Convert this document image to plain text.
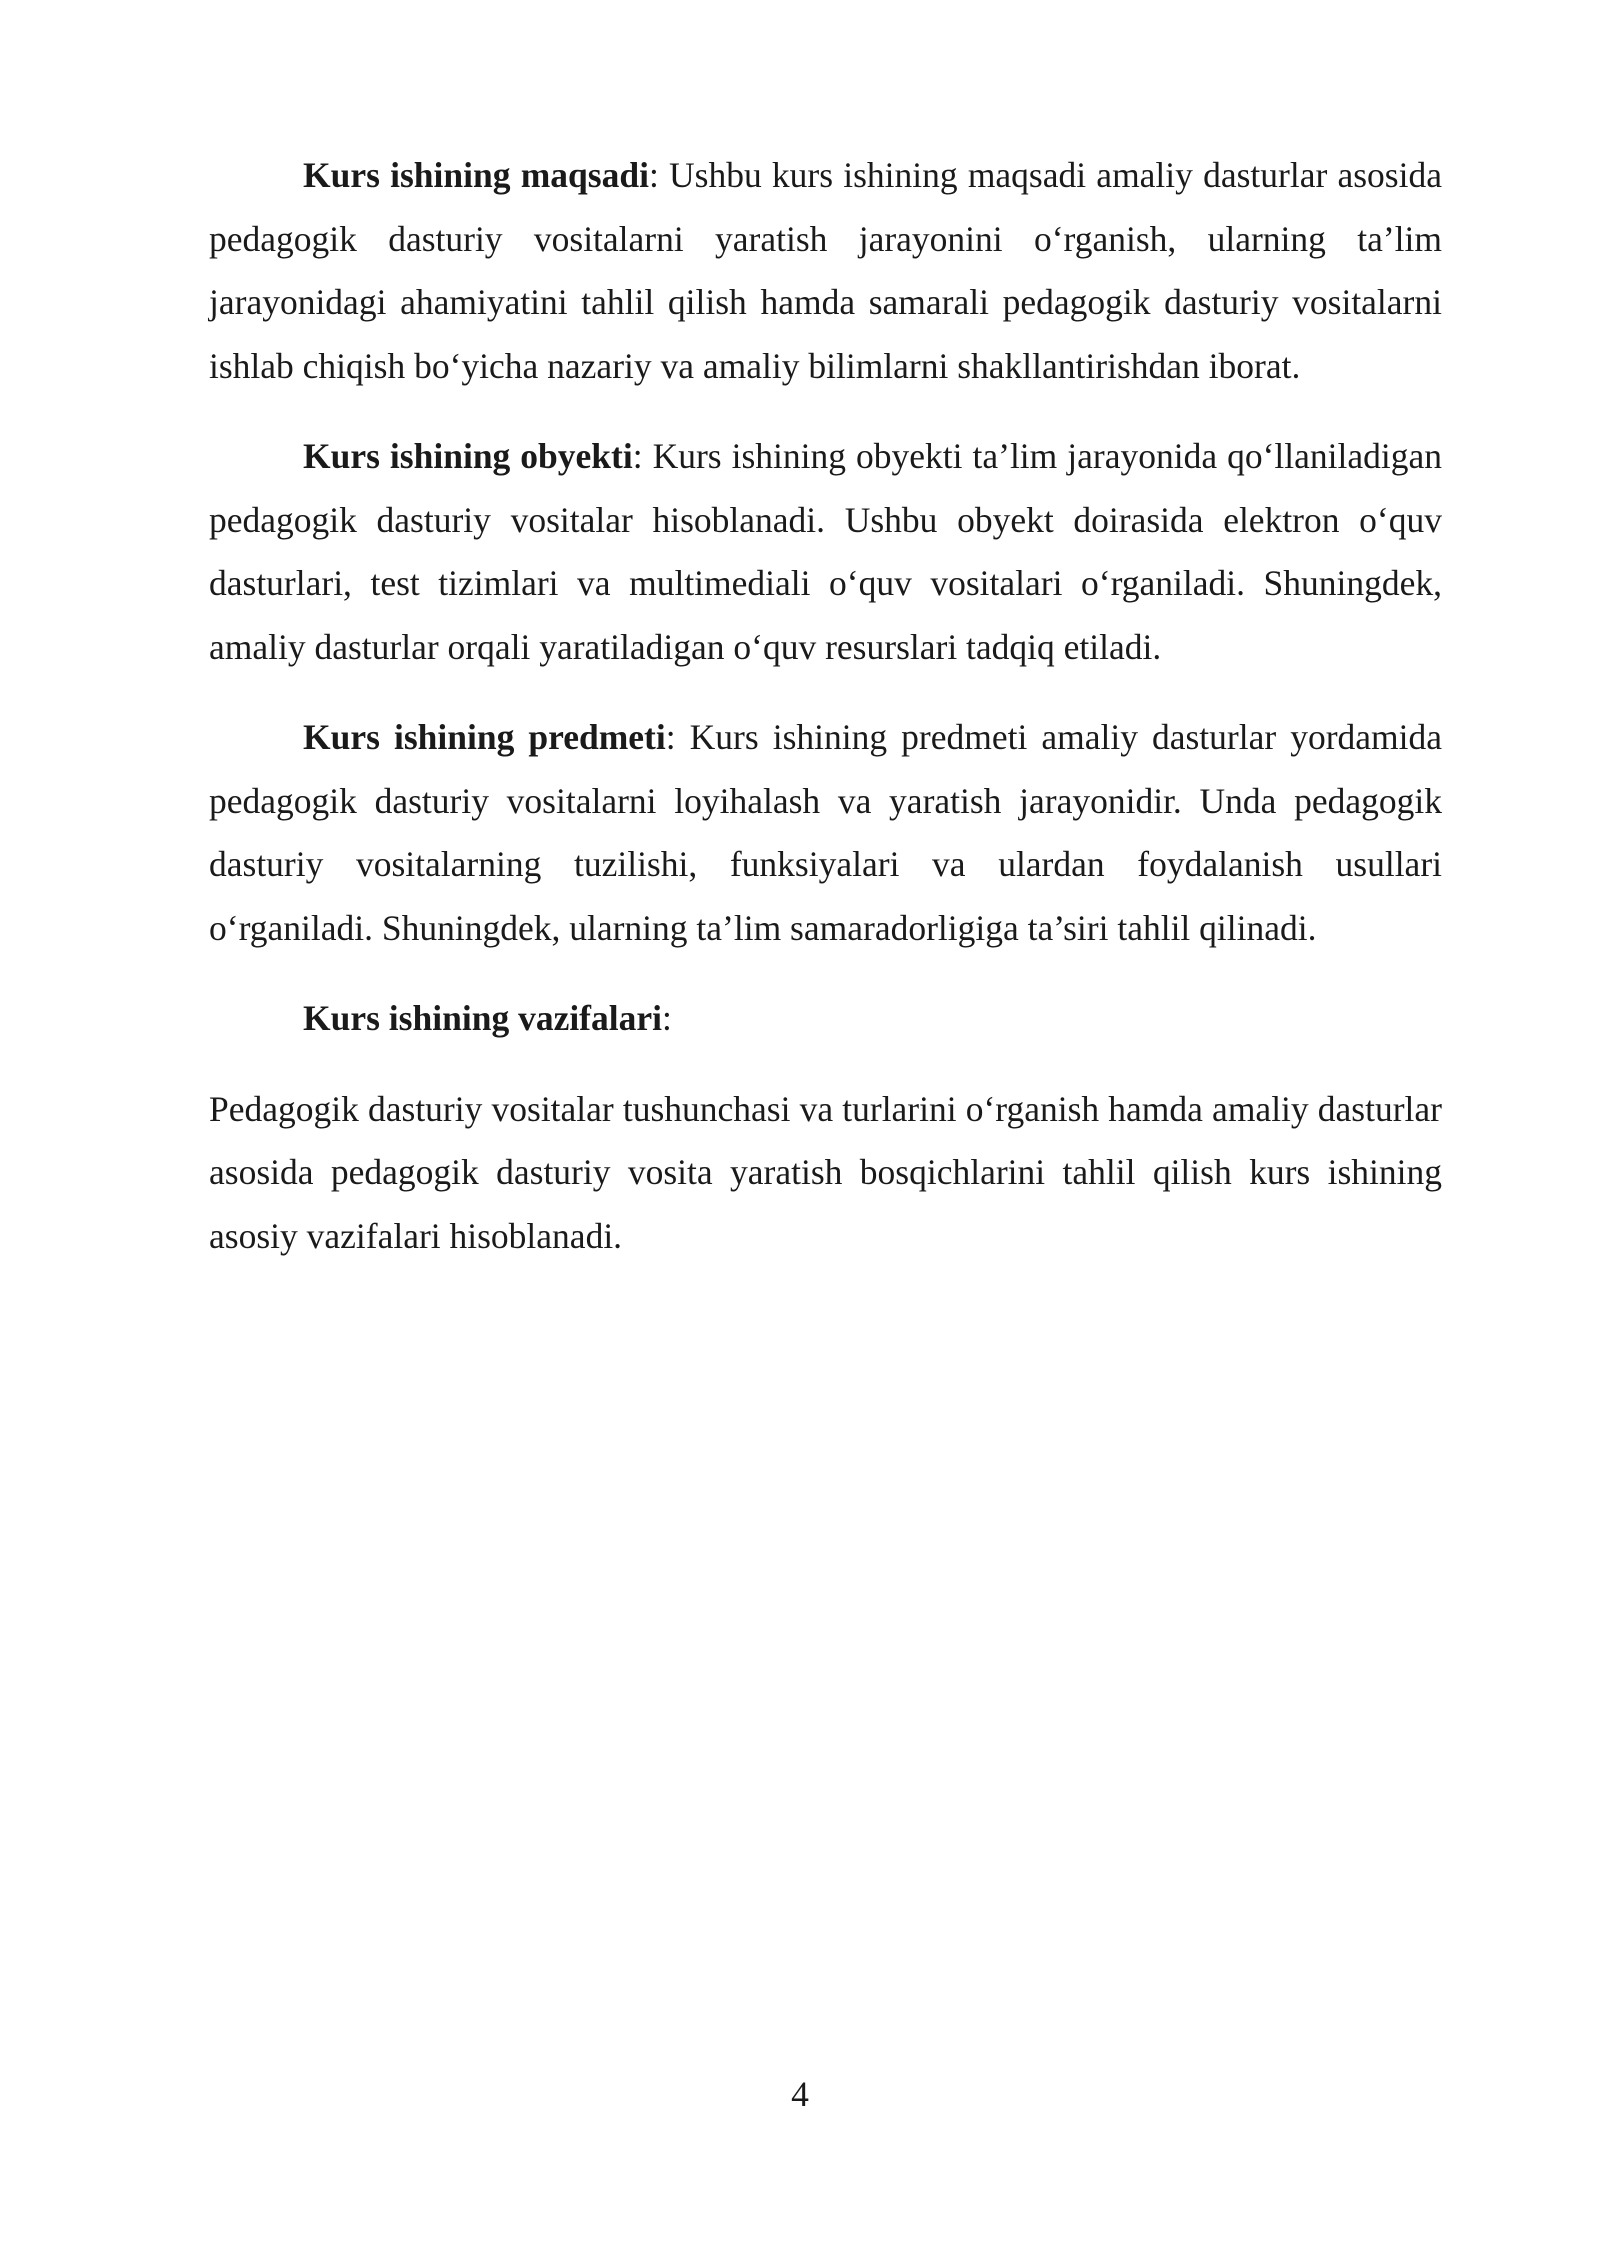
Kurs ishining maqsadi: Ushbu kurs ishining maqsadi amaliy dasturlar asosida pedagogik dasturiy vositalarni yaratish jarayonini o‘rganish, ularning ta’lim jarayonidagi ahamiyatini tahlil qilish hamda samarali pedagogik dasturiy vositalarni ishlab chiqish bo‘yicha nazariy va amaliy bilimlarni shakllantirishdan iborat.

Kurs ishining obyekti: Kurs ishining obyekti ta’lim jarayonida qo‘llaniladigan pedagogik dasturiy vositalar hisoblanadi. Ushbu obyekt doirasida elektron o‘quv dasturlari, test tizimlari va multimediali o‘quv vositalari o‘rganiladi. Shuningdek, amaliy dasturlar orqali yaratiladigan o‘quv resurslari tadqiq etiladi.

Kurs ishining predmeti: Kurs ishining predmeti amaliy dasturlar yordamida pedagogik dasturiy vositalarni loyihalash va yaratish jarayonidir. Unda pedagogik dasturiy vositalarning tuzilishi, funksiyalari va ulardan foydalanish usullari o‘rganiladi. Shuningdek, ularning ta’lim samaradorligiga ta’siri tahlil qilinadi.

Kurs ishining vazifalari:

Pedagogik dasturiy vositalar tushunchasi va turlarini o‘rganish hamda amaliy dasturlar asosida pedagogik dasturiy vosita yaratish bosqichlarini tahlil qilish kurs ishining asosiy vazifalari hisoblanadi.

4
